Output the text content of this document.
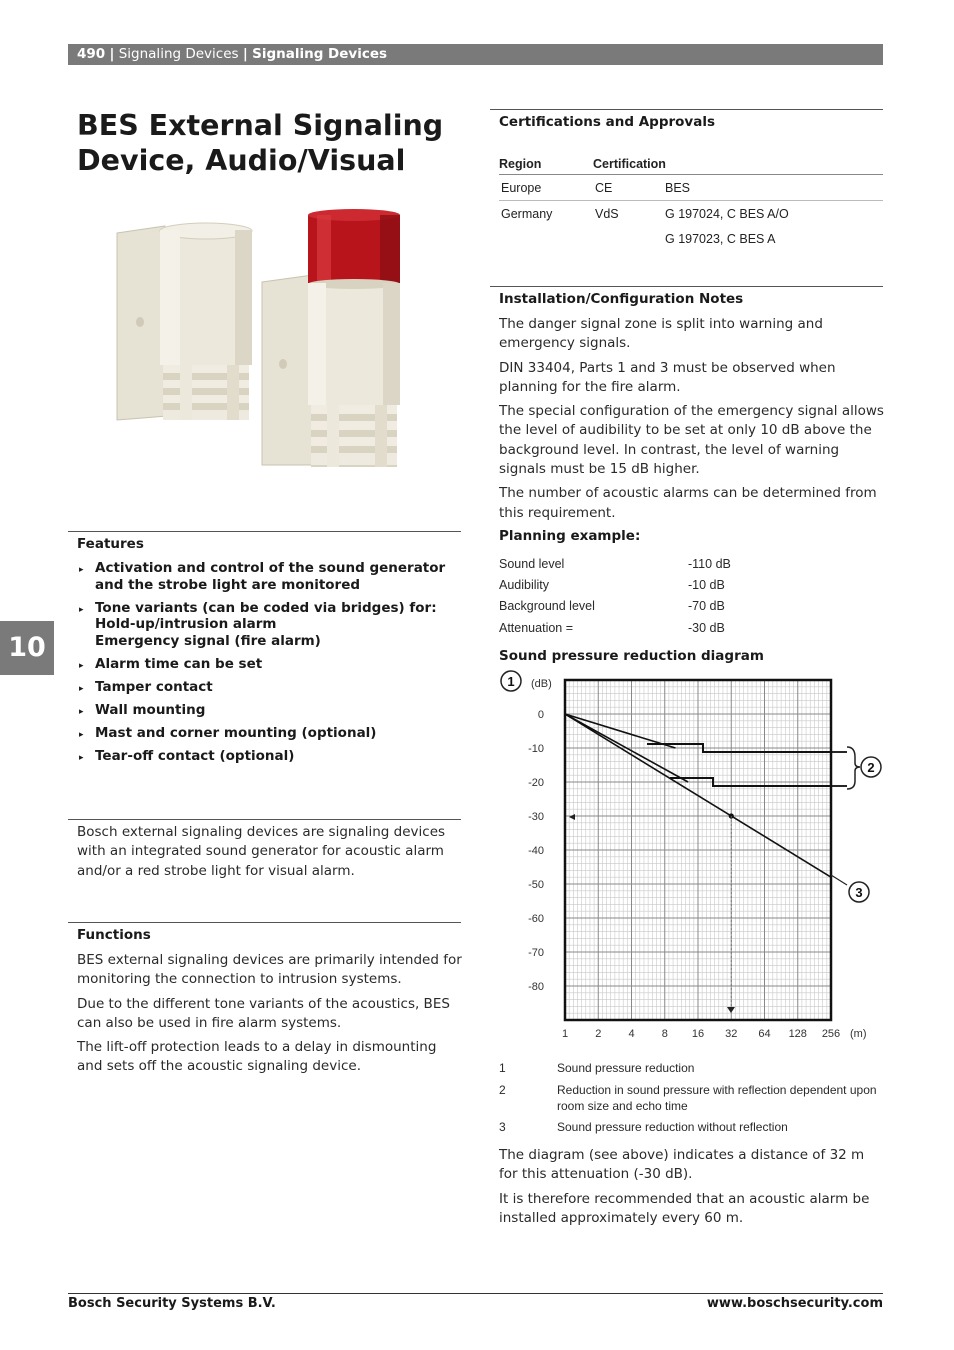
490 | Signaling Devices | Signaling Devices
BES External Signaling Device, Audio/Visual
Features
▸ Activation and control of the sound generator and the strobe light are monitored
▸ Tone variants (can be coded via bridges) for:
Hold-up/intrusion alarm
Emergency signal (fire alarm)
▸ Alarm time can be set
▸ Tamper contact
▸ Wall mounting
▸ Mast and corner mounting (optional)
▸ Tear-off contact (optional)
10
Bosch external signaling devices are signaling devices with an integrated sound generator for acoustic alarm and/or a red strobe light for visual alarm.
Functions

BES external signaling devices are primarily intended for monitoring the connection to intrusion systems.

Due to the different tone variants of the acoustics, BES can also be used in fire alarm systems.

The lift-off protection leads to a delay in dismounting and sets off the acoustic signaling device.

Certifications and Approvals
Region	Certification	
Europe	CE	BES
Germany	VdS	G 197024, C BES A/O
		G 197023, C BES A
Installation/Configuration Notes

The danger signal zone is split into warning and emergency signals.

DIN 33404, Parts 1 and 3 must be observed when planning for the fire alarm.

The special configuration of the emergency signal allows the level of audibility to be set at only 10 dB above the background level. In contrast, the level of warning signals must be 15 dB higher.

The number of acoustic alarms can be determined from this requirement.

Planning example:
Sound level	-110 dB
Audibility	-10 dB
Background level	-70 dB
Attenuation =	-30 dB
Sound pressure reduction diagram
0
-10
-20
-30
-40
-50
-60
-70
-80
1 2 4 8 16 32 64 128 256
(dB)
(m)
1
2
3
1	Sound pressure reduction
2	Reduction in sound pressure with reflection dependent upon room size and echo time
3	Sound pressure reduction without reflection

The diagram (see above) indicates a distance of 32 m for this attenuation (-30 dB).

It is therefore recommended that an acoustic alarm be installed approximately every 60 m.

Bosch Security Systems B.V.	www.boschsecurity.com
